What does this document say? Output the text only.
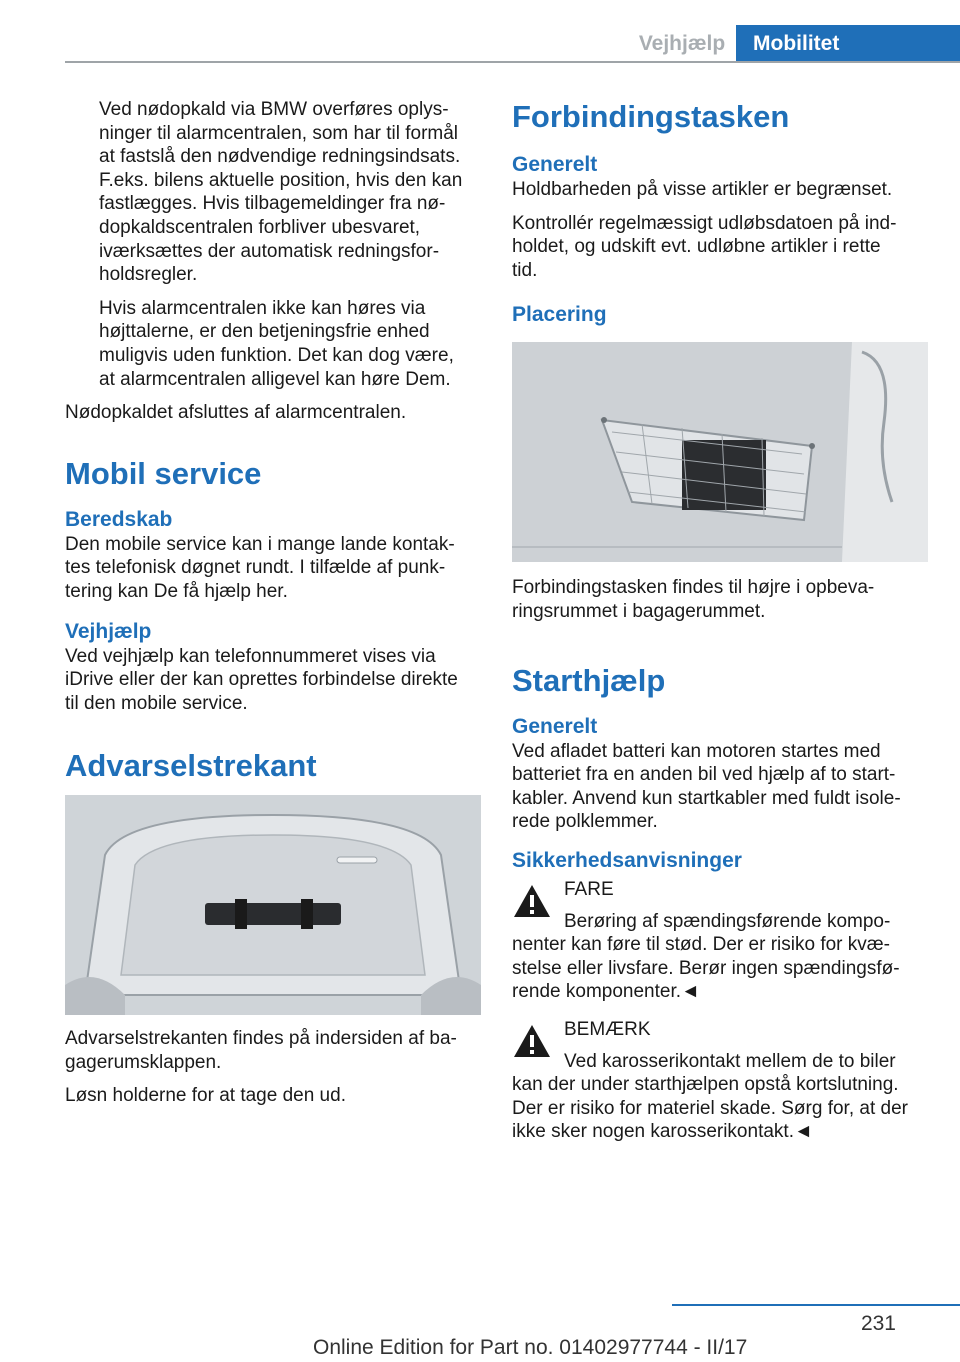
Vejhjælp	Mobilitet

Ved nødopkald via BMW overføres oplys‐
ninger til alarmcentralen, som har til formål
at fastslå den nødvendige redningsindsats.
F.eks. bilens aktuelle position, hvis den kan
fastlægges. Hvis tilbagemeldinger fra nø‐
dopkaldscentralen forbliver ubesvaret,
iværksættes der automatisk redningsfor‐
holdsregler.

Hvis alarmcentralen ikke kan høres via
højttalerne, er den betjeningsfrie enhed
muligvis uden funktion. Det kan dog være,
at alarmcentralen alligevel kan høre Dem.

Nødopkaldet afsluttes af alarmcentralen.

Mobil service
Beredskab

Den mobile service kan i mange lande kontak‐
tes telefonisk døgnet rundt. I tilfælde af punk‐
tering kan De få hjælp her.

Vejhjælp

Ved vejhjælp kan telefonnummeret vises via
iDrive eller der kan oprettes forbindelse direkte
til den mobile service.

Advarselstrekant

Advarselstrekanten findes på indersiden af ba‐
gagerumsklappen.

Løsn holderne for at tage den ud.

Forbindingstasken
Generelt

Holdbarheden på visse artikler er begrænset.

Kontrollér regelmæssigt udløbsdatoen på ind‐
holdet, og udskift evt. udløbne artikler i rette
tid.

Placering

Forbindingstasken findes til højre i opbeva‐
ringsrummet i bagagerummet.

Starthjælp
Generelt

Ved afladet batteri kan motoren startes med
batteriet fra en anden bil ved hjælp af to start‐
kabler. Anvend kun startkabler med fuldt isole‐
rede polklemmer.

Sikkerhedsanvisninger
FARE
Berøring af spændingsførende kompo‐
nenter kan føre til stød. Der er risiko for kvæ‐
stelse eller livsfare. Berør ingen spændingsfø‐
rende komponenter.◄
BEMÆRK
Ved karosserikontakt mellem de to biler
kan der under starthjælpen opstå kortslutning.
Der er risiko for materiel skade. Sørg for, at der
ikke sker nogen karosserikontakt.◄
231
Online Edition for Part no. 01402977744 - II/17
